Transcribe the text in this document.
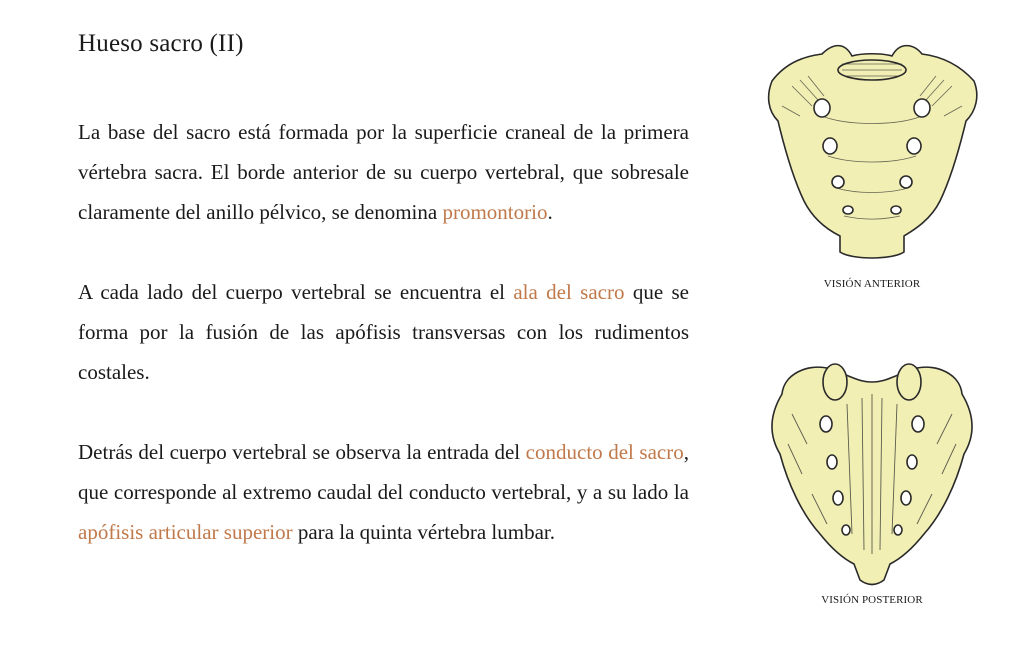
Hueso sacro (II)

La base del sacro está formada por la superficie craneal de la primera vértebra sacra. El borde anterior de su cuerpo vertebral, que sobresale claramente del anillo pélvico, se denomina promontorio.

A cada lado del cuerpo vertebral se encuentra el ala del sacro que se forma por la fusión de las apófisis transversas con los rudimentos costales.

Detrás del cuerpo vertebral se observa la entrada del conducto del sacro, que corresponde al extremo caudal del conducto vertebral, y a su lado la apófisis articular superior para la quinta vértebra lumbar.

VISIÓN ANTERIOR
VISIÓN POSTERIOR
